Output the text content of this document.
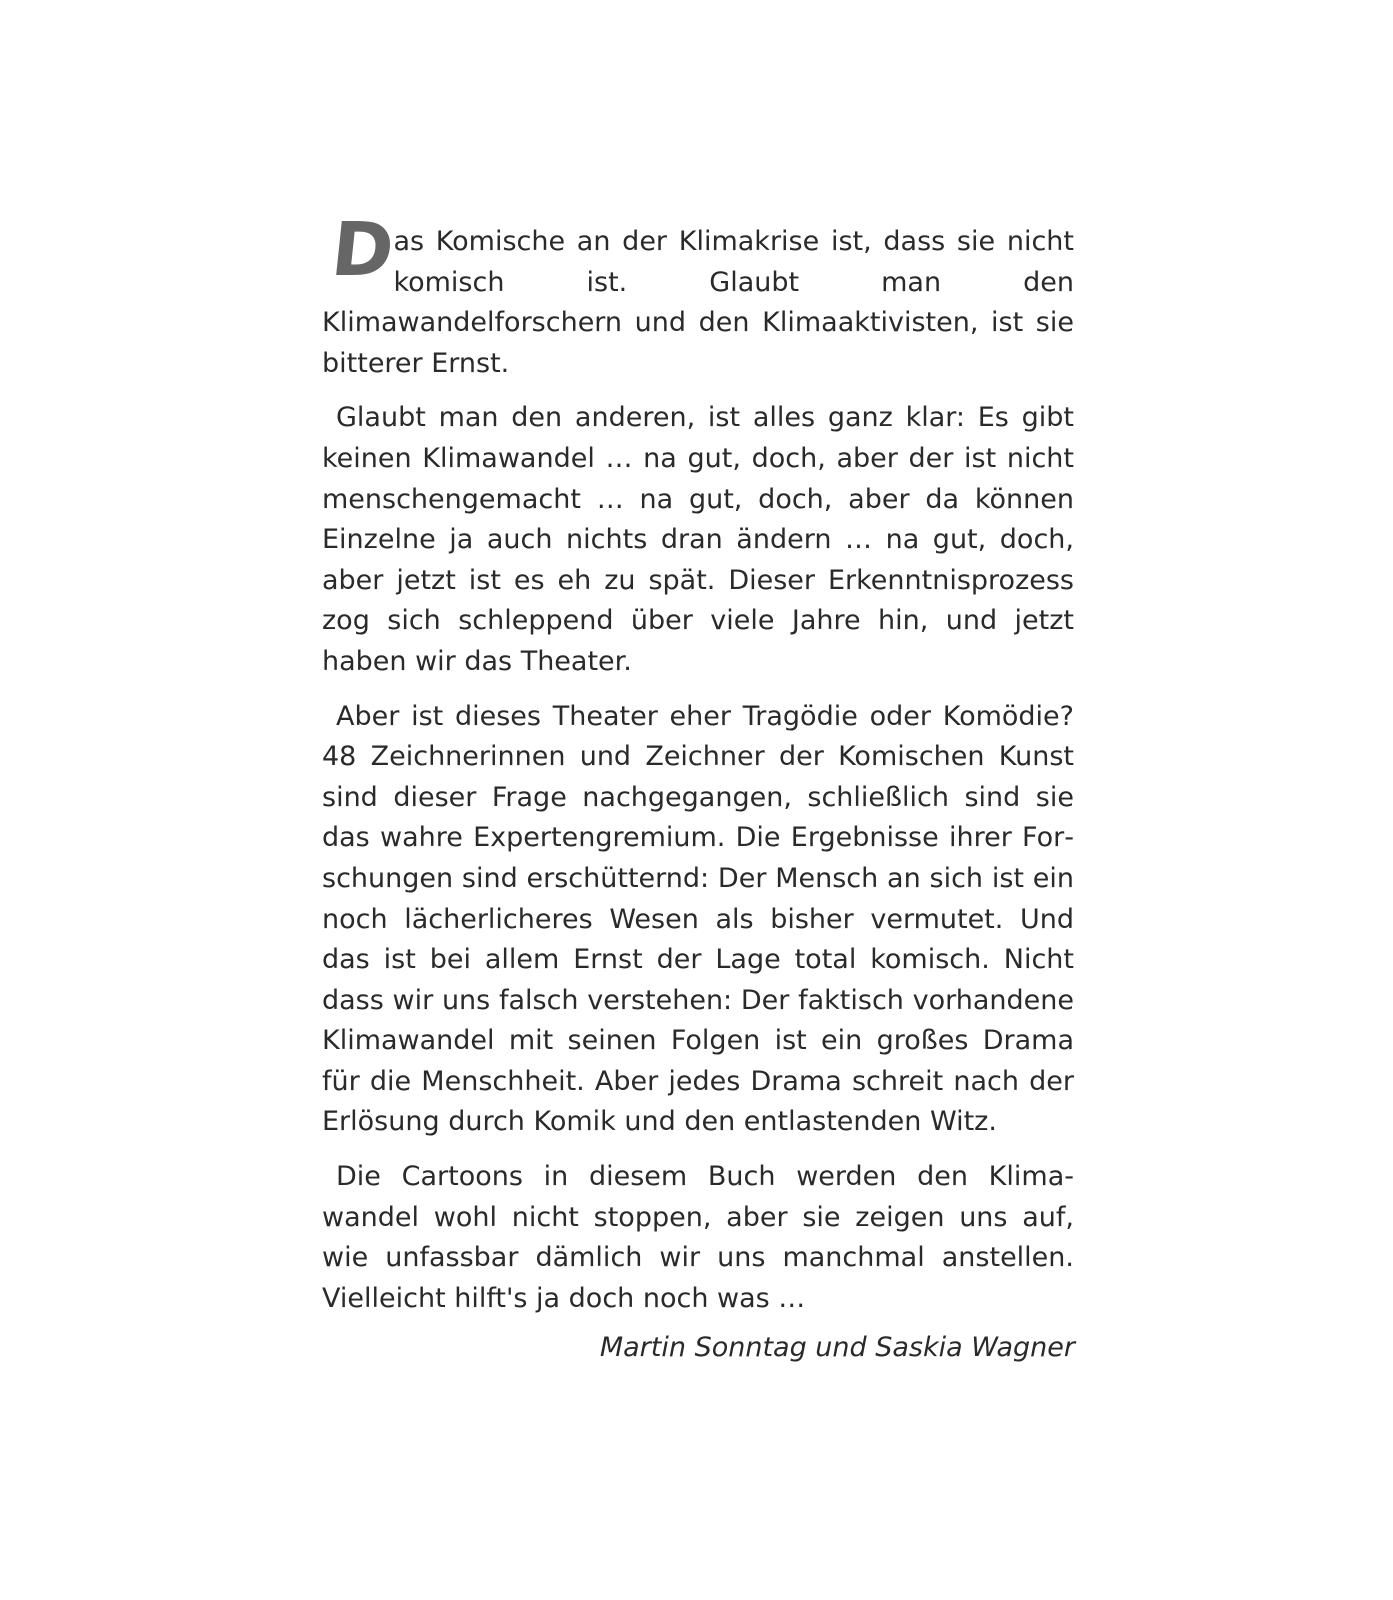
D
as Komische an der Klimakrise ist, dass sie nicht komisch ist. Glaubt man den Klimawandelforschern und den Klimaaktivisten, ist sie bitterer Ernst.

Glaubt man den anderen, ist alles ganz klar: Es gibt keinen Klimawandel … na gut, doch, aber der ist nicht menschengemacht … na gut, doch, aber da können Einzelne ja auch nichts dran ändern … na gut, doch, aber jetzt ist es eh zu spät. Dieser Erkenntnisprozess zog sich schleppend über viele Jahre hin, und jetzt haben wir das Theater.

Aber ist dieses Theater eher Tragödie oder Komödie? 48 Zeichnerinnen und Zeichner der Komischen Kunst sind dieser Frage nachgegangen, schließlich sind sie das wahre Expertengremium. Die Ergebnisse ihrer Forschungen sind erschütternd: Der Mensch an sich ist ein noch lächerlicheres Wesen als bisher vermutet. Und das ist bei allem Ernst der Lage total komisch. Nicht dass wir uns falsch verstehen: Der faktisch vorhandene Klimawandel mit seinen Folgen ist ein großes Drama für die Menschheit. Aber jedes Drama schreit nach der Erlösung durch Komik und den entlastenden Witz.

Die Cartoons in diesem Buch werden den Klimawandel wohl nicht stoppen, aber sie zeigen uns auf, wie unfassbar dämlich wir uns manchmal anstellen. Vielleicht hilft's ja doch noch was …

Martin Sonntag und Saskia Wagner
